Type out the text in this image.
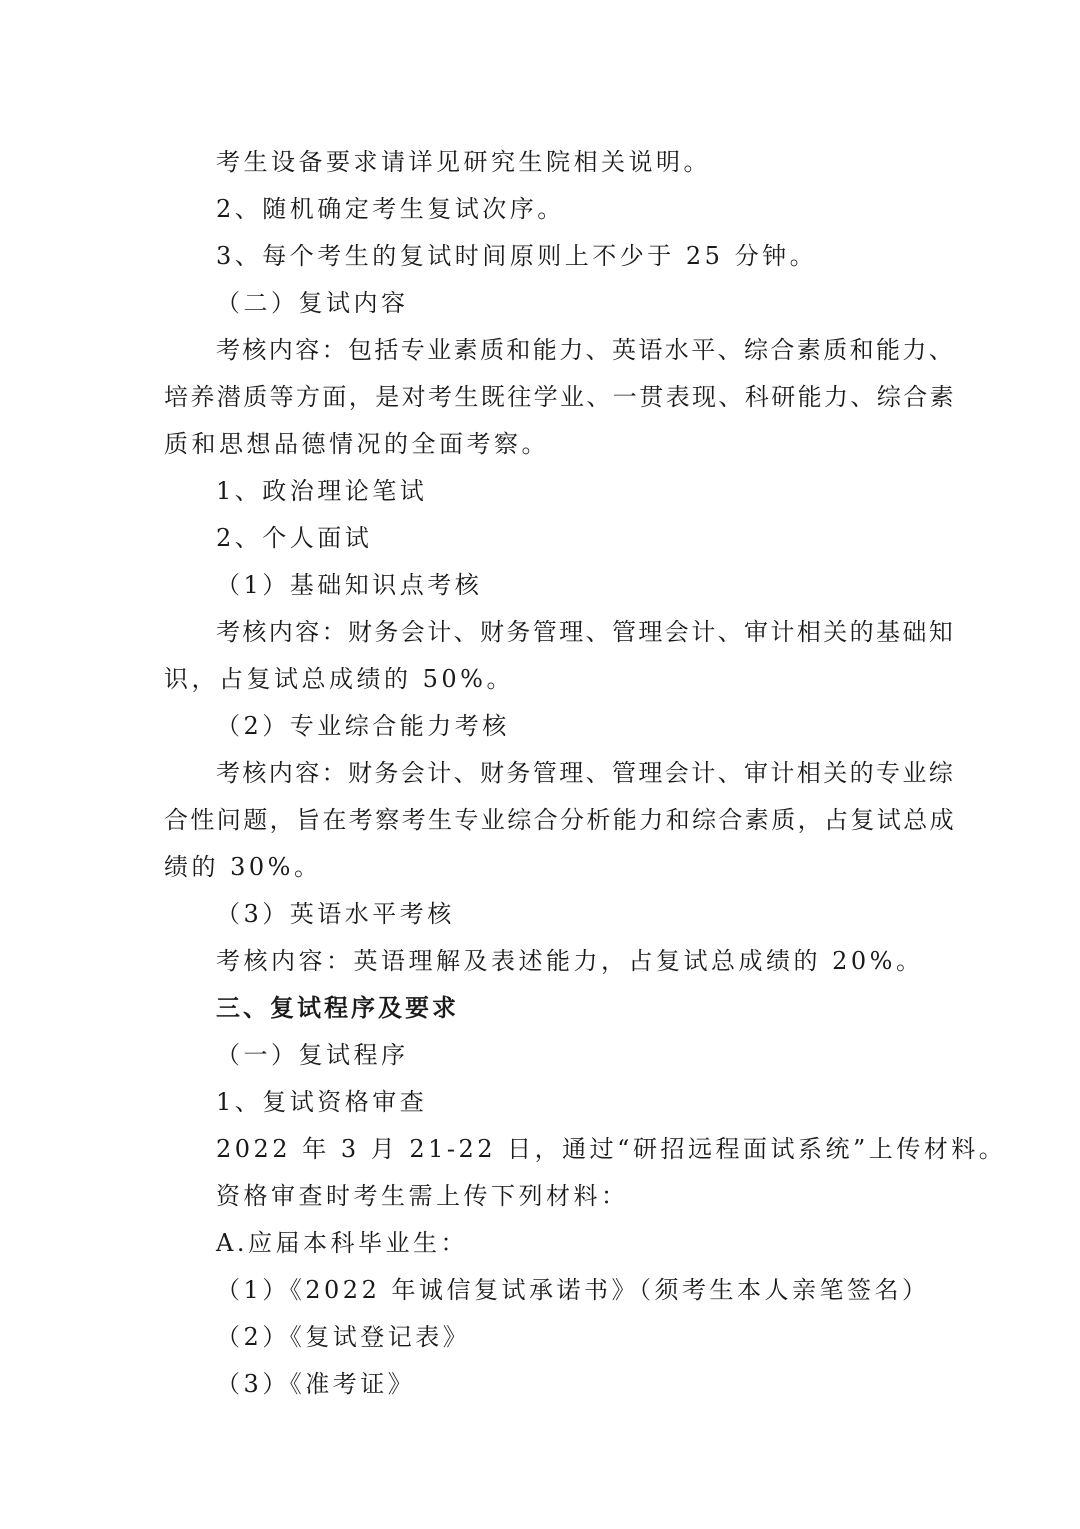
考生设备要求请详见研究生院相关说明。
2、随机确定考生复试次序。
3、每个考生的复试时间原则上不少于 25 分钟。
（二）复试内容
考核内容：包括专业素质和能力、英语水平、综合素质和能力、
培养潜质等方面，是对考生既往学业、一贯表现、科研能力、综合素
质和思想品德情况的全面考察。
1、政治理论笔试
2、个人面试
（1）基础知识点考核
考核内容：财务会计、财务管理、管理会计、审计相关的基础知
识，占复试总成绩的 50%。
（2）专业综合能力考核
考核内容：财务会计、财务管理、管理会计、审计相关的专业综
合性问题，旨在考察考生专业综合分析能力和综合素质，占复试总成
绩的 30%。
（3）英语水平考核
考核内容：英语理解及表述能力，占复试总成绩的 20%。
三、复试程序及要求
（一）复试程序
1、复试资格审查
2022 年 3 月 21-22 日，通过“研招远程面试系统”上传材料。
资格审查时考生需上传下列材料：
A.应届本科毕业生：
（1）《2022 年诚信复试承诺书》（须考生本人亲笔签名）
（2）《复试登记表》
（3）《准考证》
